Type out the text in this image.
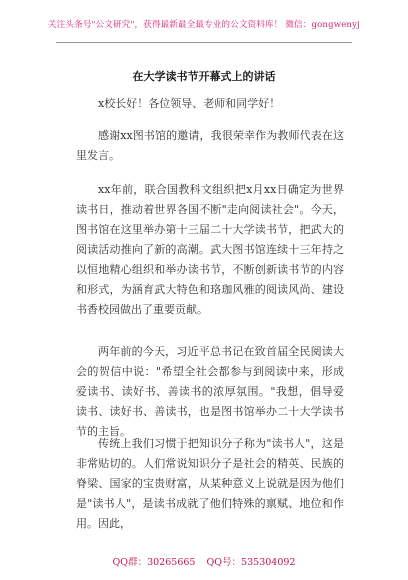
关注头条号"公文研究"，获得最新最全最专业的公文资料库！ 微信：gongwenyj
在大学读书节开幕式上的讲话

x校长好！各位领导、老师和同学好！

感谢xx图书馆的邀请，我很荣幸作为教师代表在这里发言。

xx年前，联合国教科文组织把x月xx日确定为世界读书日，推动着世界各国不断"走向阅读社会"。今天，图书馆在这里举办第十三届二十大学读书节，把武大的阅读活动推向了新的高潮。武大图书馆连续十三年持之以恒地精心组织和举办读书节，不断创新读书节的内容和形式，为涵育武大特色和珞珈风雅的阅读风尚、建设书香校园做出了重要贡献。

两年前的今天，习近平总书记在致首届全民阅读大会的贺信中说："希望全社会都参与到阅读中来，形成爱读书、读好书、善读书的浓厚氛围。"我想，倡导爱读书、读好书、善读书，也是图书馆举办二十大学读书节的主旨。

传统上我们习惯于把知识分子称为"读书人"，这是非常贴切的。人们常说知识分子是社会的精英、民族的脊梁、国家的宝贵财富，从某种意义上说就是因为他们是"读书人"，是读书成就了他们特殊的禀赋、地位和作用。因此，

QQ群：30265665 QQ号：535304092
